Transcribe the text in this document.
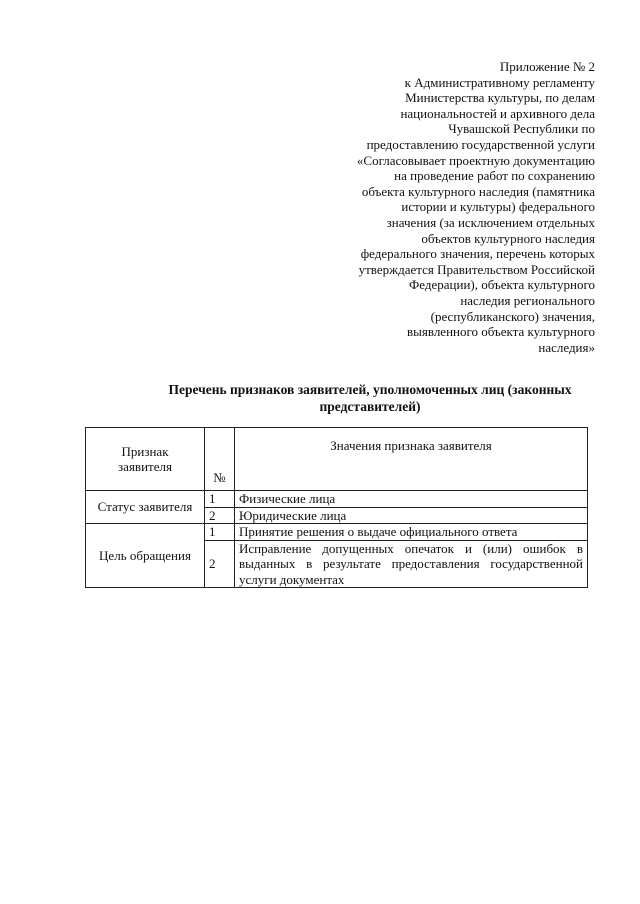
Приложение № 2
к Административному регламенту
Министерства культуры, по делам
национальностей и архивного дела
Чувашской Республики по
предоставлению государственной услуги
«Согласовывает проектную документацию
на проведение работ по сохранению
объекта культурного наследия (памятника
истории и культуры) федерального
значения (за исключением отдельных
объектов культурного наследия
федерального значения, перечень которых
утверждается Правительством Российской
Федерации), объекта культурного
наследия регионального
(республиканского) значения,
выявленного объекта культурного
наследия»
Перечень признаков заявителей, уполномоченных лиц (законных
представителей)
Признак
заявителя	№	Значения признака заявителя
Статус заявителя	1	Физические лица
	2	Юридические лица
Цель обращения	1	Принятие решения о выдаче официального ответа
	2	Исправление допущенных опечаток и (или) ошибок в выданных в результате предоставления государственной услуги документах
